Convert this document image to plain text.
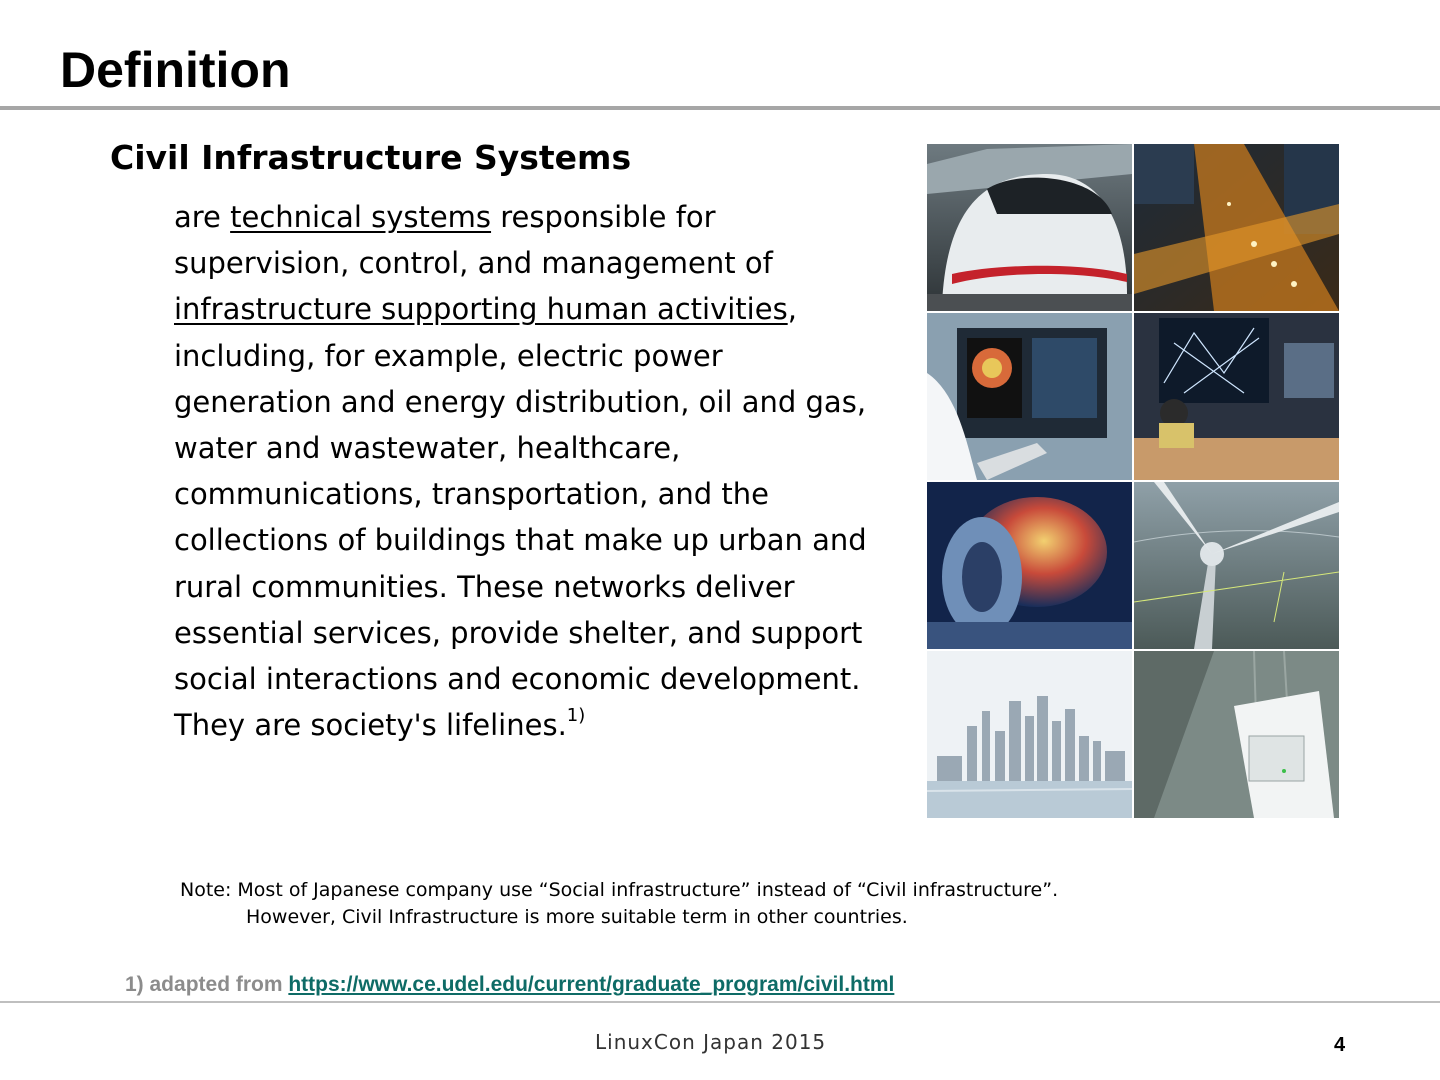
Definition
Civil Infrastructure Systems

are technical systems responsible for supervision, control, and management of infrastructure supporting human activities, including, for example, electric power generation and energy distribution, oil and gas, water and wastewater, healthcare, communications, transportation, and the collections of buildings that make up urban and rural communities. These networks deliver essential services, provide shelter, and support social interactions and economic development. They are society's lifelines.$^{1)}$

Note: Most of Japanese company use “Social infrastructure” instead of “Civil infrastructure”.
However, Civil Infrastructure is more suitable term in other countries.

1) adapted from https://www.ce.udel.edu/current/graduate_program/civil.html

LinuxCon Japan 2015	4
